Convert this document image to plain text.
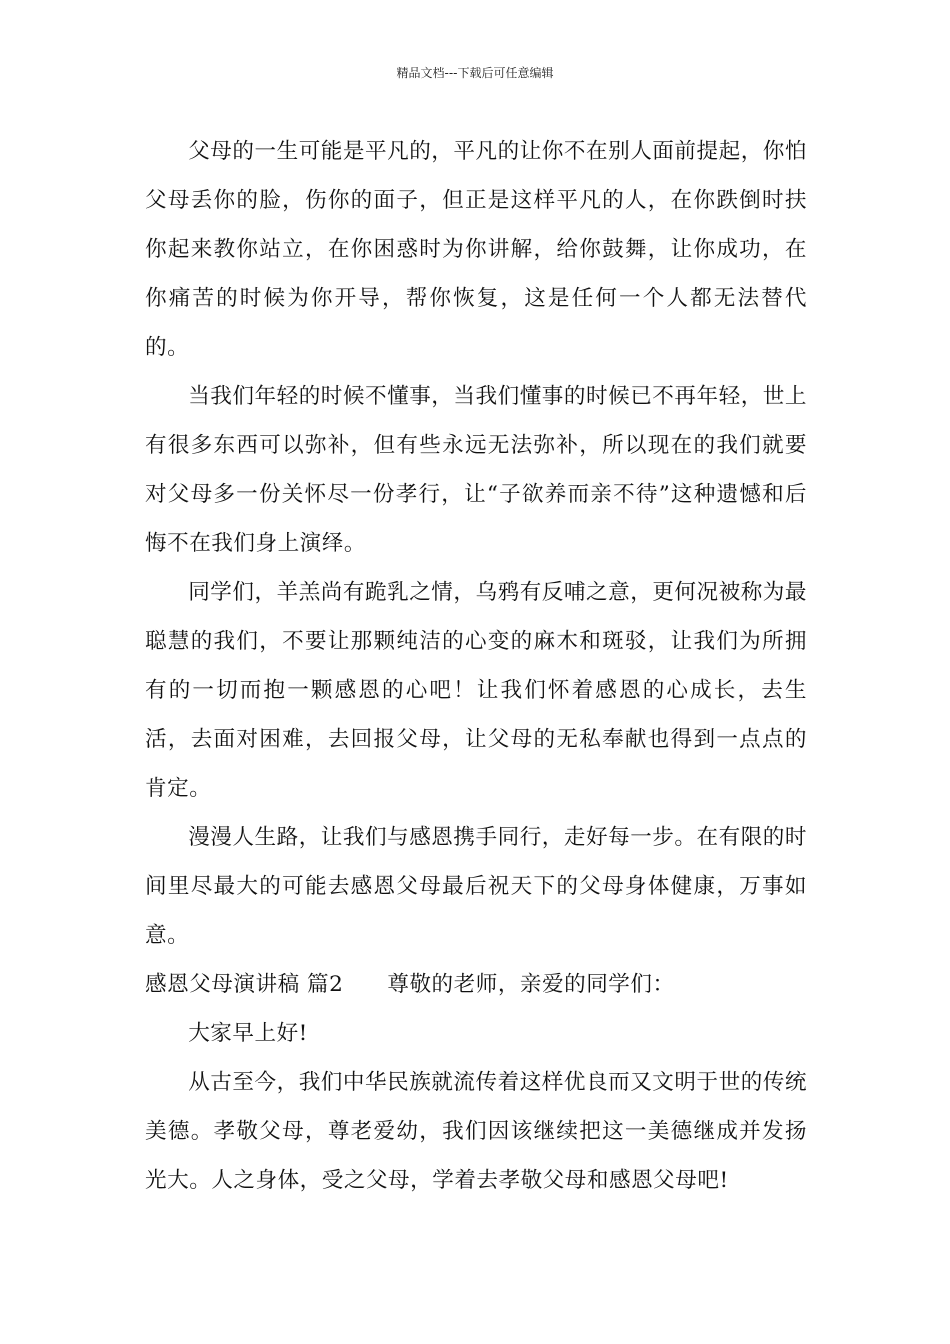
精品文档---下载后可任意编辑

父母的一生可能是平凡的，平凡的让你不在别人面前提起，你怕父母丢你的脸，伤你的面子，但正是这样平凡的人，在你跌倒时扶你起来教你站立，在你困惑时为你讲解，给你鼓舞，让你成功，在你痛苦的时候为你开导，帮你恢复，这是任何一个人都无法替代的。

当我们年轻的时候不懂事，当我们懂事的时候已不再年轻，世上有很多东西可以弥补，但有些永远无法弥补，所以现在的我们就要对父母多一份关怀尽一份孝行，让“子欲养而亲不待”这种遗憾和后悔不在我们身上演绎。

同学们，羊羔尚有跪乳之情，乌鸦有反哺之意，更何况被称为最聪慧的我们，不要让那颗纯洁的心变的麻木和斑驳，让我们为所拥有的一切而抱一颗感恩的心吧！让我们怀着感恩的心成长，去生活，去面对困难，去回报父母，让父母的无私奉献也得到一点点的肯定。

漫漫人生路，让我们与感恩携手同行，走好每一步。在有限的时间里尽最大的可能去感恩父母最后祝天下的父母身体健康，万事如意。

感恩父母演讲稿 篇2 尊敬的老师，亲爱的同学们：

大家早上好!

从古至今，我们中华民族就流传着这样优良而又文明于世的传统美德。孝敬父母，尊老爱幼，我们因该继续把这一美德继成并发扬光大。人之身体，受之父母，学着去孝敬父母和感恩父母吧!
